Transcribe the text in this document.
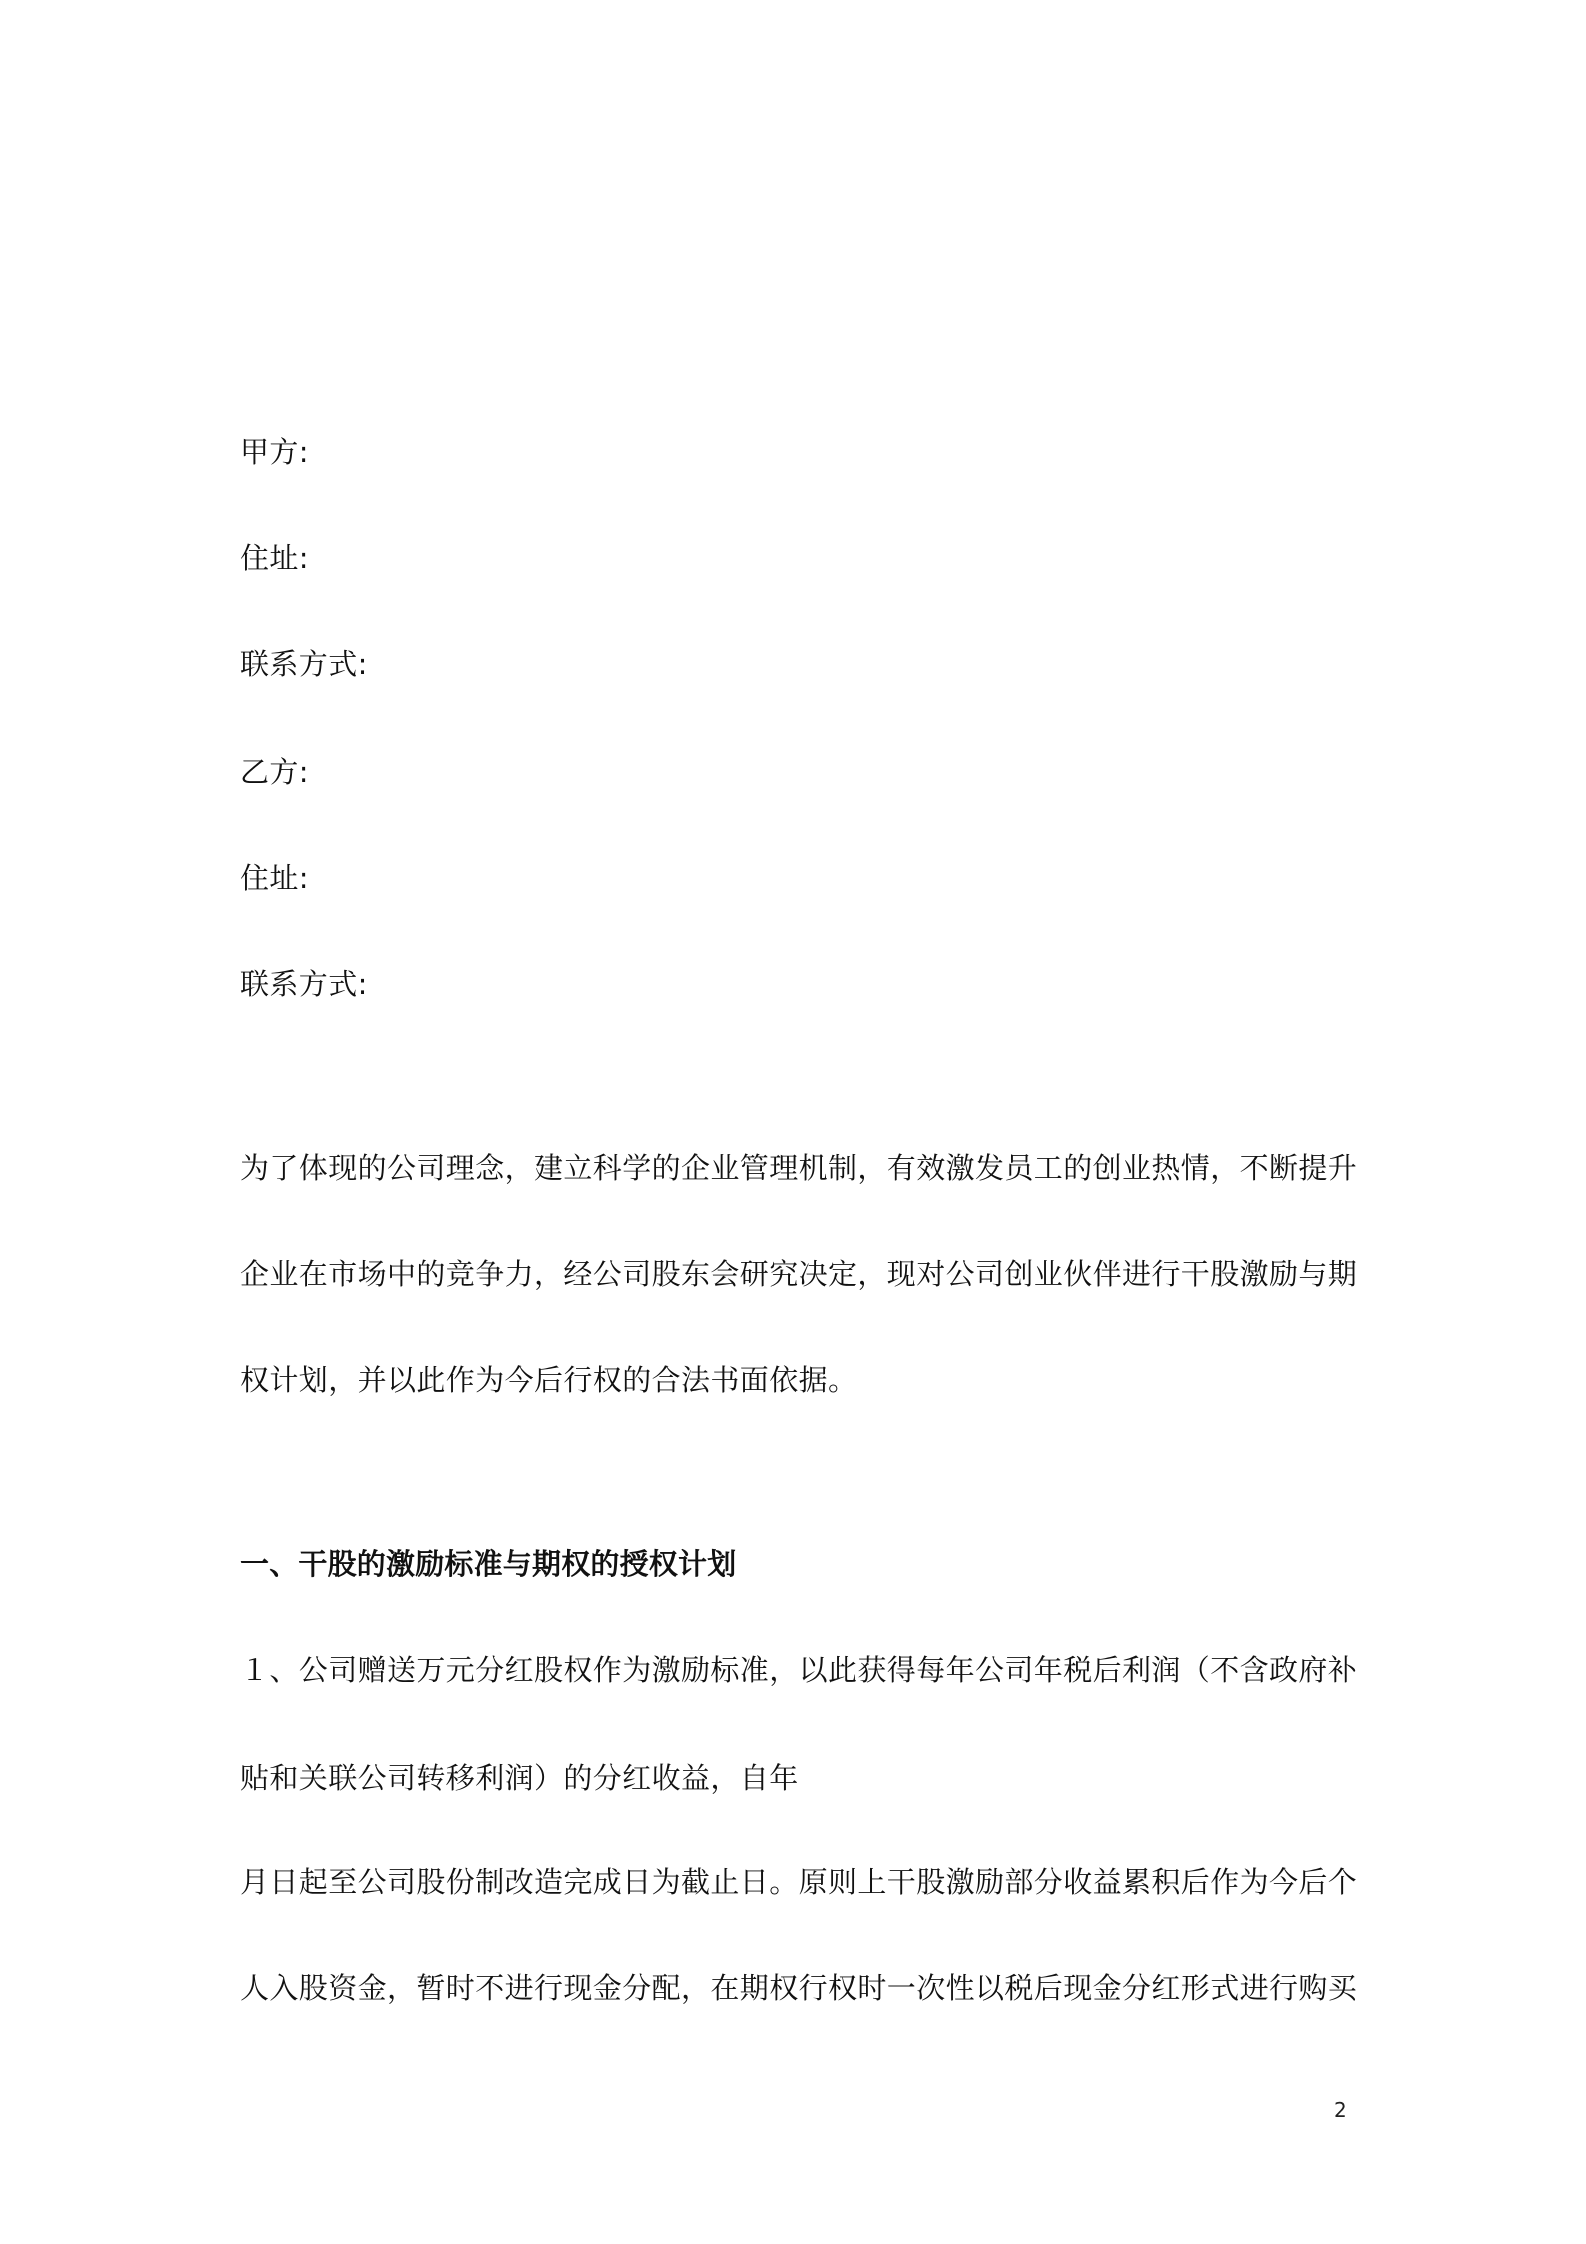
甲方:
住址:
联系方式:
乙方:
住址:
联系方式:
为了体现的公司理念，建立科学的企业管理机制，有效激发员工的创业热情，不断提升
企业在市场中的竞争力，经公司股东会研究决定，现对公司创业伙伴进行干股激励与期
权计划，并以此作为今后行权的合法书面依据。
一、干股的激励标准与期权的授权计划
１、公司赠送万元分红股权作为激励标准，以此获得每年公司年税后利润（不含政府补
贴和关联公司转移利润）的分红收益，自年
月日起至公司股份制改造完成日为截止日。原则上干股激励部分收益累积后作为今后个
人入股资金，暂时不进行现金分配，在期权行权时一次性以税后现金分红形式进行购买
2
